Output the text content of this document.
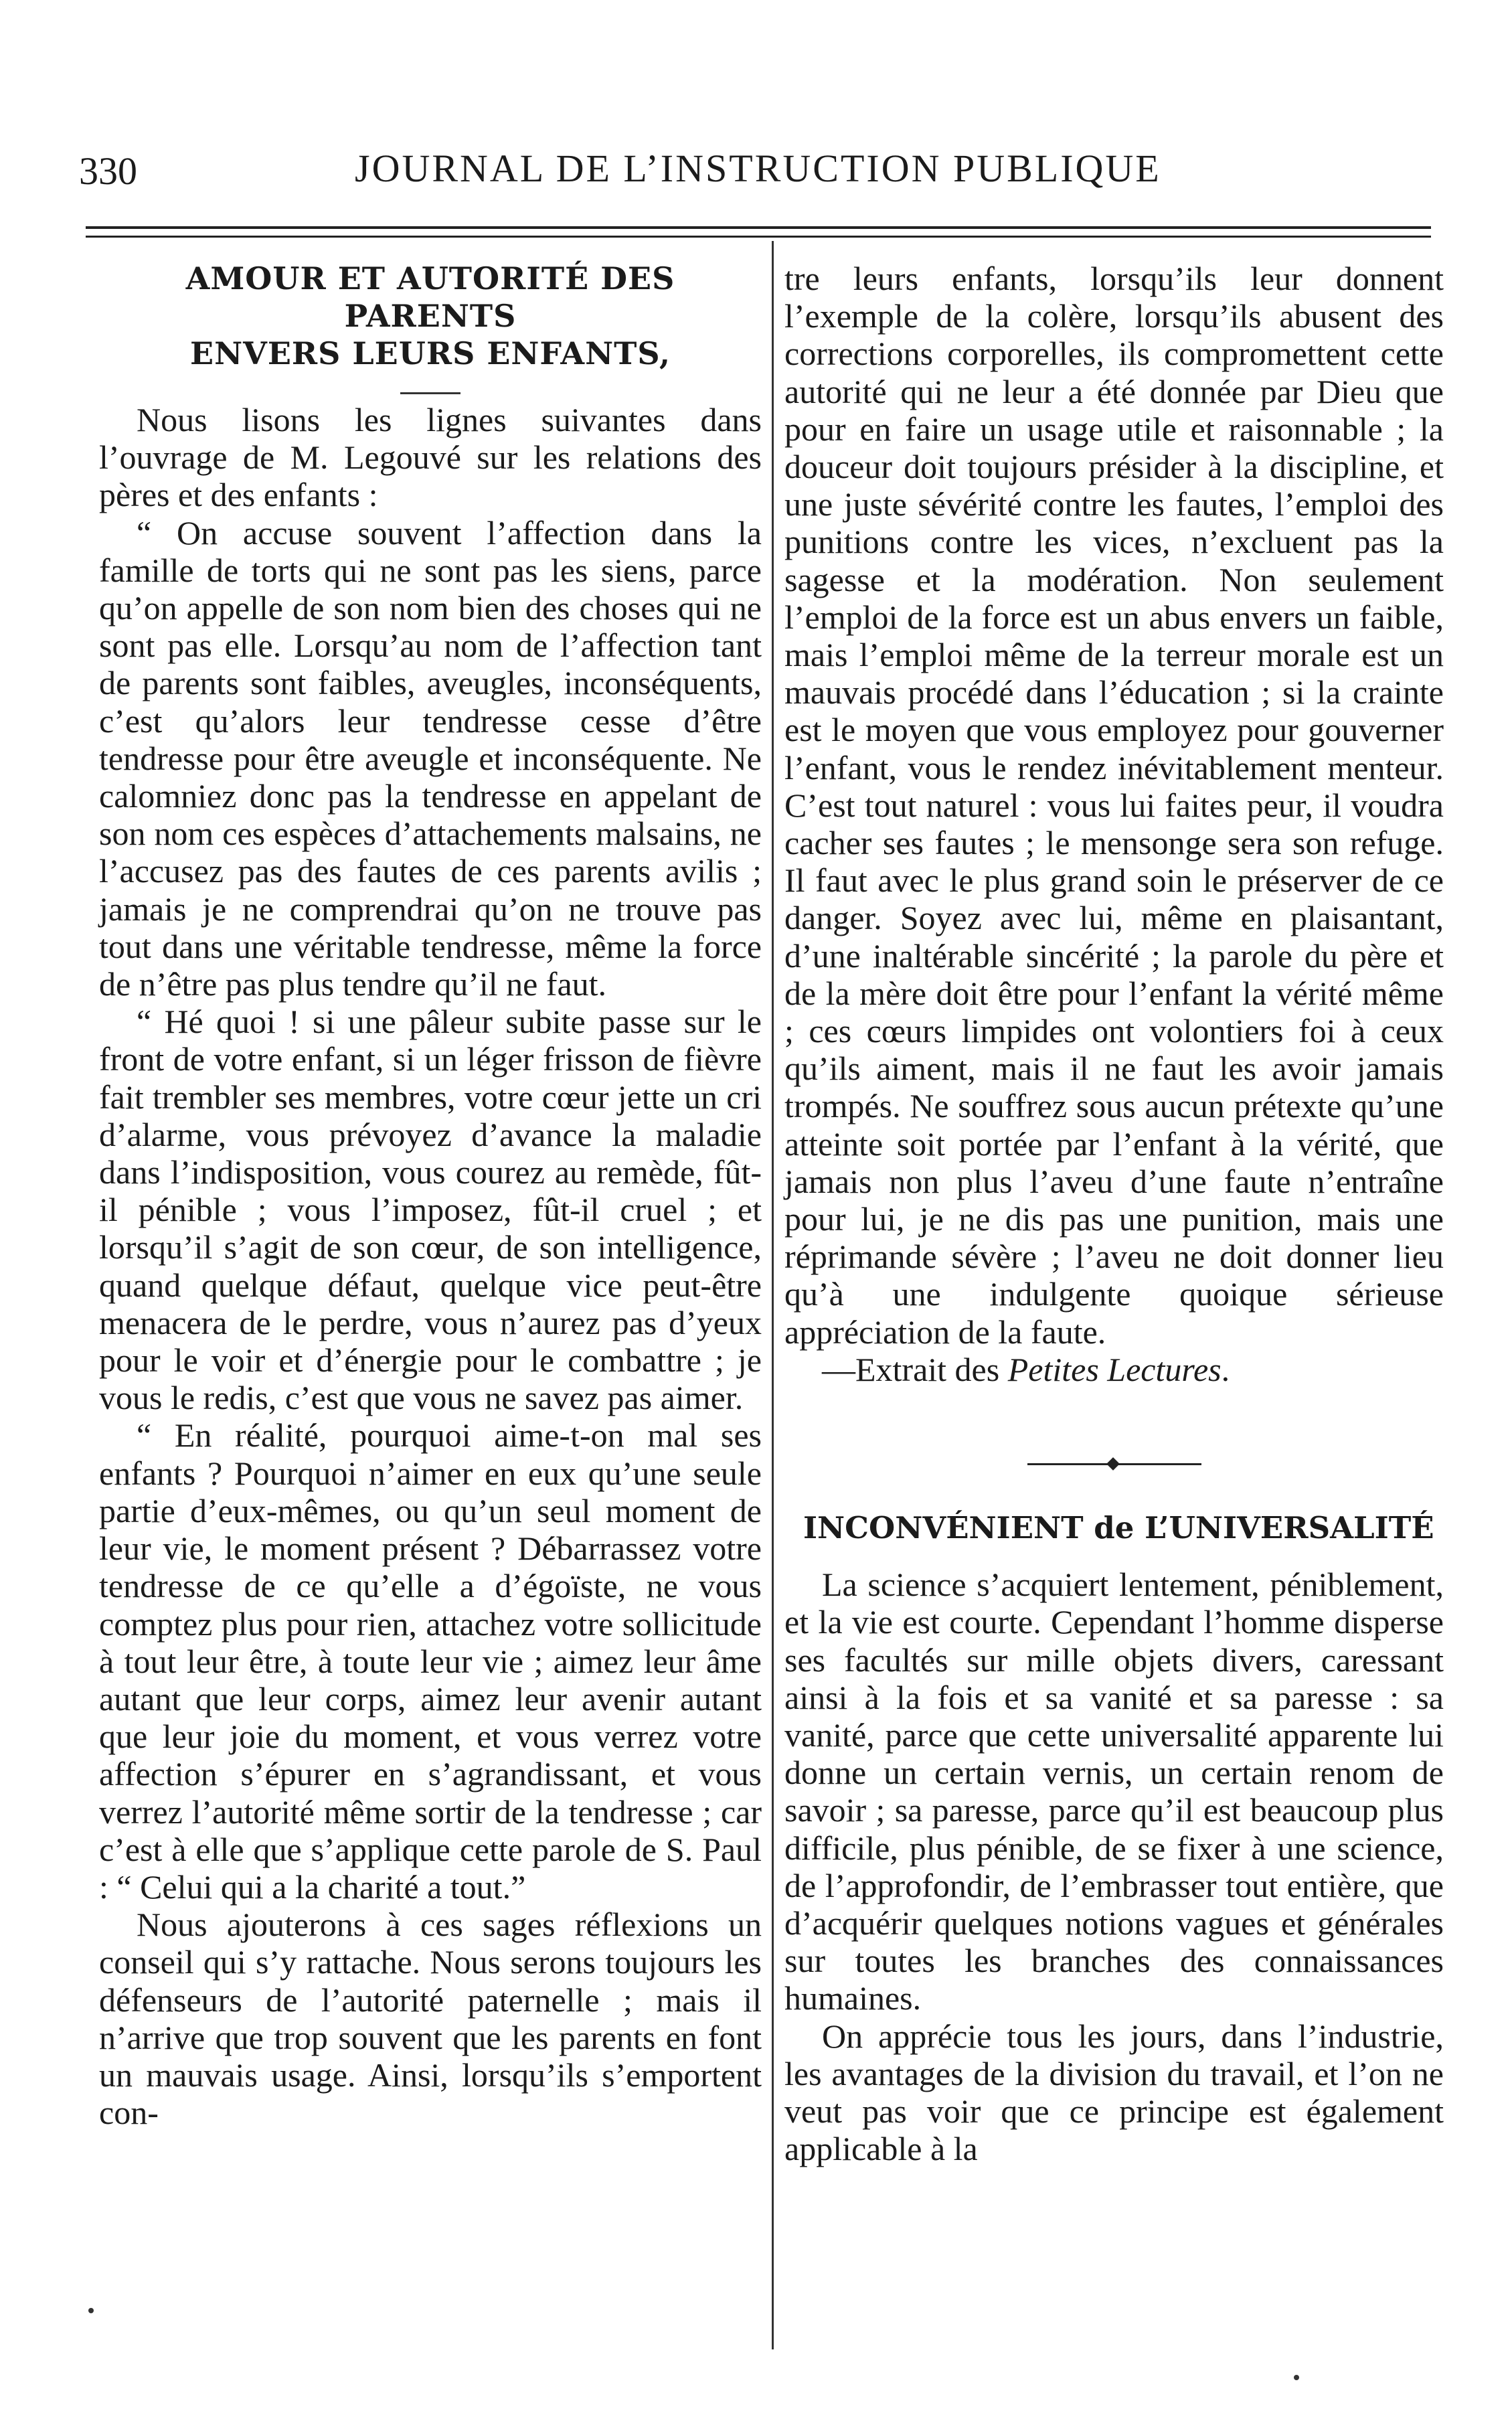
330	JOURNAL DE L’INSTRUCTION PUBLIQUE
AMOUR ET AUTORITÉ DES PARENTS
ENVERS LEURS ENFANTS,

Nous lisons les lignes suivantes dans l’ouvrage de M. Legouvé sur les relations des pères et des enfants :

“ On accuse souvent l’affection dans la famille de torts qui ne sont pas les siens, parce qu’on appelle de son nom bien des choses qui ne sont pas elle. Lorsqu’au nom de l’affection tant de parents sont faibles, aveugles, inconséquents, c’est qu’alors leur tendresse cesse d’être tendresse pour être aveugle et inconséquente. Ne calomniez donc pas la tendresse en appelant de son nom ces espèces d’attachements malsains, ne l’accusez pas des fautes de ces parents avilis ; jamais je ne comprendrai qu’on ne trouve pas tout dans une véritable tendresse, même la force de n’être pas plus tendre qu’il ne faut.

“ Hé quoi ! si une pâleur subite passe sur le front de votre enfant, si un léger frisson de fièvre fait trembler ses membres, votre cœur jette un cri d’alarme, vous prévoyez d’avance la maladie dans l’indisposition, vous courez au remède, fût-il pénible ; vous l’imposez, fût-il cruel ; et lorsqu’il s’agit de son cœur, de son intelligence, quand quelque défaut, quelque vice peut-être menacera de le perdre, vous n’aurez pas d’yeux pour le voir et d’énergie pour le combattre ; je vous le redis, c’est que vous ne savez pas aimer.

“ En réalité, pourquoi aime-t-on mal ses enfants ? Pourquoi n’aimer en eux qu’une seule partie d’eux-mêmes, ou qu’un seul moment de leur vie, le moment présent ? Débarrassez votre tendresse de ce qu’elle a d’égoïste, ne vous comptez plus pour rien, attachez votre sollicitude à tout leur être, à toute leur vie ; aimez leur âme autant que leur corps, aimez leur avenir autant que leur joie du moment, et vous verrez votre affection s’épurer en s’agrandissant, et vous verrez l’autorité même sortir de la tendresse ; car c’est à elle que s’applique cette parole de S. Paul : “ Celui qui a la charité a tout.”

Nous ajouterons à ces sages réflexions un conseil qui s’y rattache. Nous serons toujours les défenseurs de l’autorité paternelle ; mais il n’arrive que trop souvent que les parents en font un mauvais usage. Ainsi, lorsqu’ils s’emportent con-

tre leurs enfants, lorsqu’ils leur donnent l’exemple de la colère, lorsqu’ils abusent des corrections corporelles, ils compromettent cette autorité qui ne leur a été donnée par Dieu que pour en faire un usage utile et raisonnable ; la douceur doit toujours présider à la discipline, et une juste sévérité contre les fautes, l’emploi des punitions contre les vices, n’excluent pas la sagesse et la modération. Non seulement l’emploi de la force est un abus envers un faible, mais l’emploi même de la terreur morale est un mauvais procédé dans l’éducation ; si la crainte est le moyen que vous employez pour gouverner l’enfant, vous le rendez inévitablement menteur. C’est tout naturel : vous lui faites peur, il voudra cacher ses fautes ; le mensonge sera son refuge. Il faut avec le plus grand soin le préserver de ce danger. Soyez avec lui, même en plaisantant, d’une inaltérable sincérité ; la parole du père et de la mère doit être pour l’enfant la vérité même ; ces cœurs limpides ont volontiers foi à ceux qu’ils aiment, mais il ne faut les avoir jamais trompés. Ne souffrez sous aucun prétexte qu’une atteinte soit portée par l’enfant à la vérité, que jamais non plus l’aveu d’une faute n’entraîne pour lui, je ne dis pas une punition, mais une réprimande sévère ; l’aveu ne doit donner lieu qu’à une indulgente quoique sérieuse appréciation de la faute.

—Extrait des Petites Lectures.

INCONVÉNIENT de L’UNIVERSALITÉ

La science s’acquiert lentement, péniblement, et la vie est courte. Cependant l’homme disperse ses facultés sur mille objets divers, caressant ainsi à la fois et sa vanité et sa paresse : sa vanité, parce que cette universalité apparente lui donne un certain vernis, un certain renom de savoir ; sa paresse, parce qu’il est beaucoup plus difficile, plus pénible, de se fixer à une science, de l’approfondir, de l’embrasser tout entière, que d’acquérir quelques notions vagues et générales sur toutes les branches des connaissances humaines.

On apprécie tous les jours, dans l’industrie, les avantages de la division du travail, et l’on ne veut pas voir que ce principe est également applicable à la
